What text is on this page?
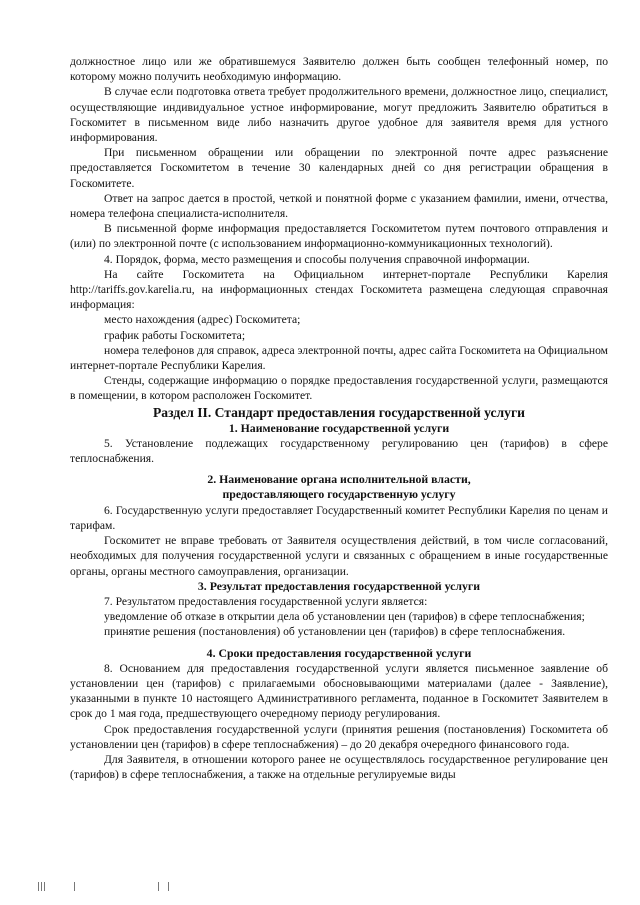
должностное лицо или же обратившемуся Заявителю должен быть сообщен телефонный номер, по которому можно получить необходимую информацию.

В случае если подготовка ответа требует продолжительного времени, должностное лицо, специалист, осуществляющие индивидуальное устное информирование, могут предложить Заявителю обратиться в Госкомитет в письменном виде либо назначить другое удобное для заявителя время для устного информирования.

При письменном обращении или обращении по электронной почте адрес разъяснение предоставляется Госкомитетом в течение 30 календарных дней со дня регистрации обращения в Госкомитете.

Ответ на запрос дается в простой, четкой и понятной форме с указанием фамилии, имени, отчества, номера телефона специалиста-исполнителя.

В письменной форме информация предоставляется Госкомитетом путем почтового отправления и (или) по электронной почте (с использованием информационно-коммуникационных технологий).

4. Порядок, форма, место размещения и способы получения справочной информации.

На сайте Госкомитета на Официальном интернет-портале Республики Карелия http://tariffs.gov.karelia.ru, на информационных стендах Госкомитета размещена следующая справочная информация:

место нахождения (адрес) Госкомитета;

график работы Госкомитета;

номера телефонов для справок, адреса электронной почты, адрес сайта Госкомитета на Официальном интернет-портале Республики Карелия.

Стенды, содержащие информацию о порядке предоставления государственной услуги, размещаются в помещении, в котором расположен Госкомитет.

Раздел II. Стандарт предоставления государственной услуги

1. Наименование государственной услуги

5. Установление подлежащих государственному регулированию цен (тарифов) в сфере теплоснабжения.

2. Наименование органа исполнительной власти,

предоставляющего государственную услугу

6. Государственную услуги предоставляет Государственный комитет Республики Карелия по ценам и тарифам.

Госкомитет не вправе требовать от Заявителя осуществления действий, в том числе согласований, необходимых для получения государственной услуги и связанных с обращением в иные государственные органы, органы местного самоуправления, организации.

3. Результат предоставления государственной услуги

7. Результатом предоставления государственной услуги является:

уведомление об отказе в открытии дела об установлении цен (тарифов) в сфере теплоснабжения;

принятие решения (постановления) об установлении цен (тарифов) в сфере теплоснабжения.

4. Сроки предоставления государственной услуги

8. Основанием для предоставления государственной услуги является письменное заявление об установлении цен (тарифов) с прилагаемыми обосновывающими материалами (далее - Заявление), указанными в пункте 10 настоящего Административного регламента, поданное в Госкомитет Заявителем в срок до 1 мая года, предшествующего очередному периоду регулирования.

Срок предоставления государственной услуги (принятия решения (постановления) Госкомитета об установлении цен (тарифов) в сфере теплоснабжения) – до 20 декабря очередного финансового года.

Для Заявителя, в отношении которого ранее не осуществлялось государственное регулирование цен (тарифов) в сфере теплоснабжения, а также на отдельные регулируемые виды
